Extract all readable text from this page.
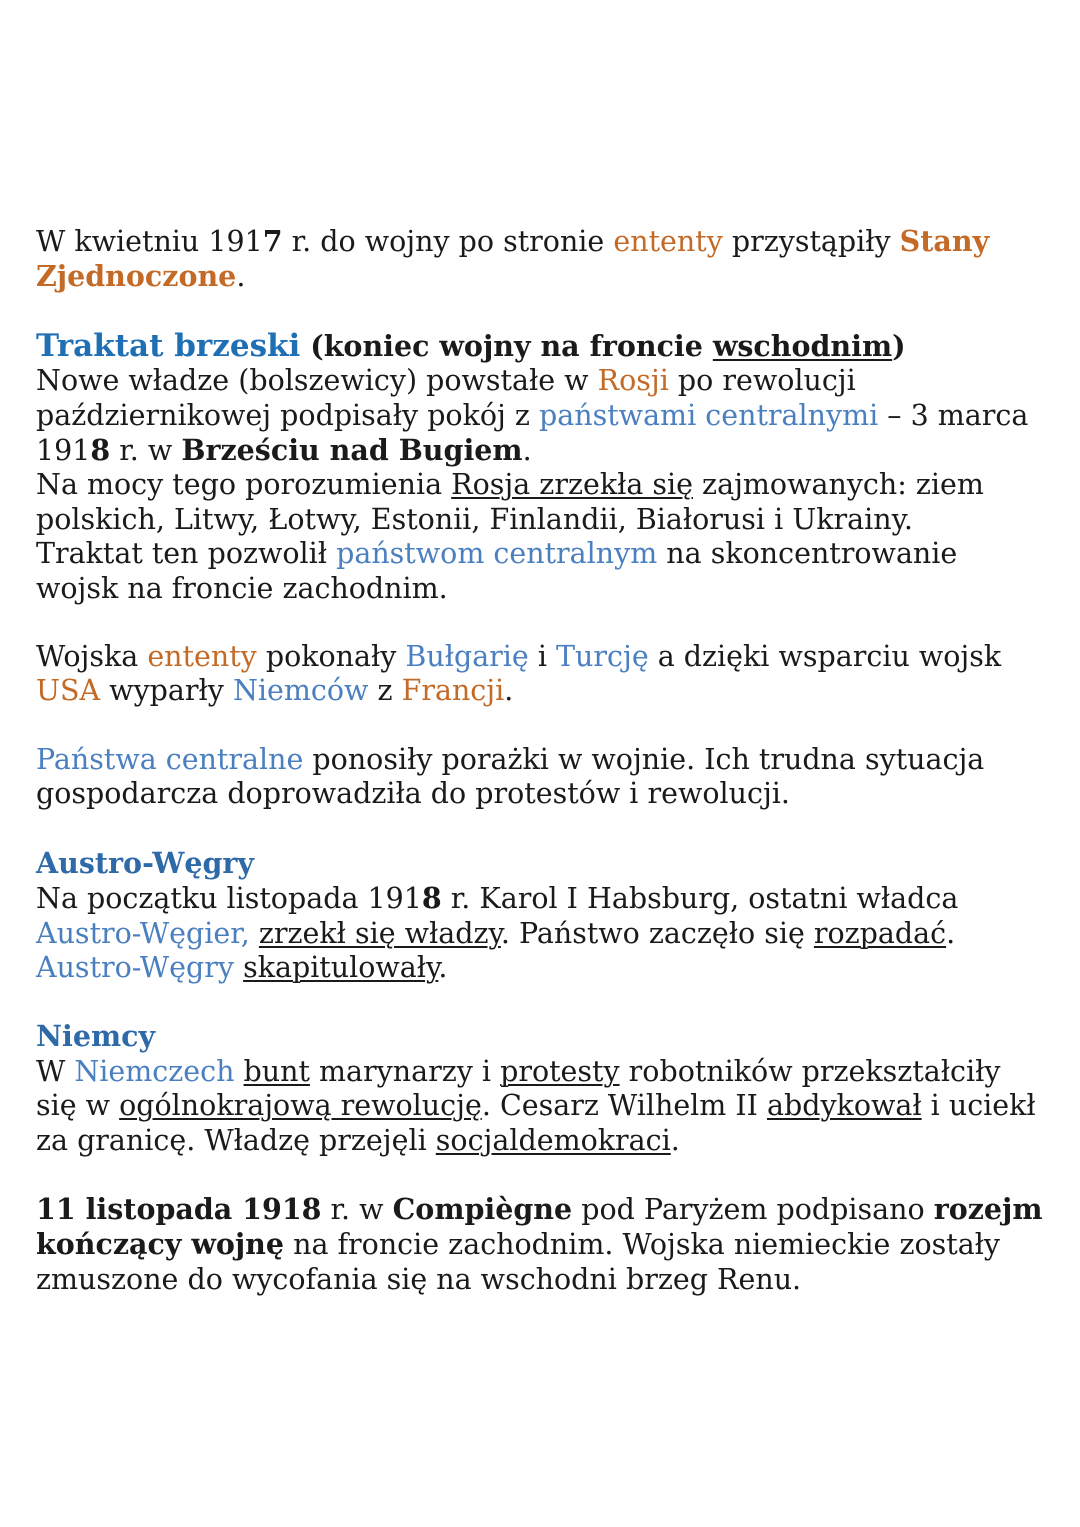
W kwietniu 1917 r. do wojny po stronie ententy przystąpiły Stany Zjednoczone.

Traktat brzeski (koniec wojny na froncie wschodnim)

Nowe władze (bolszewicy) powstałe w Rosji po rewolucji październikowej podpisały pokój z państwami centralnymi – 3 marca 1918 r. w Brześciu nad Bugiem.

Na mocy tego porozumienia Rosja zrzekła się zajmowanych: ziem polskich, Litwy, Łotwy, Estonii, Finlandii, Białorusi i Ukrainy.

Traktat ten pozwolił państwom centralnym na skoncentrowanie wojsk na froncie zachodnim.

Wojska ententy pokonały Bułgarię i Turcję a dzięki wsparciu wojsk USA wyparły Niemców z Francji.

Państwa centralne ponosiły porażki w wojnie. Ich trudna sytuacja gospodarcza doprowadziła do protestów i rewolucji.

Austro-Węgry

Na początku listopada 1918 r. Karol I Habsburg, ostatni władca Austro-Węgier, zrzekł się władzy. Państwo zaczęło się rozpadać.
Austro-Węgry skapitulowały.

Niemcy

W Niemczech bunt marynarzy i protesty robotników przekształciły się w ogólnokrajową rewolucję. Cesarz Wilhelm II abdykował i uciekł za granicę. Władzę przejęli socjaldemokraci.

11 listopada 1918 r. w Compiègne pod Paryżem podpisano rozejm kończący wojnę na froncie zachodnim. Wojska niemieckie zostały zmuszone do wycofania się na wschodni brzeg Renu.
